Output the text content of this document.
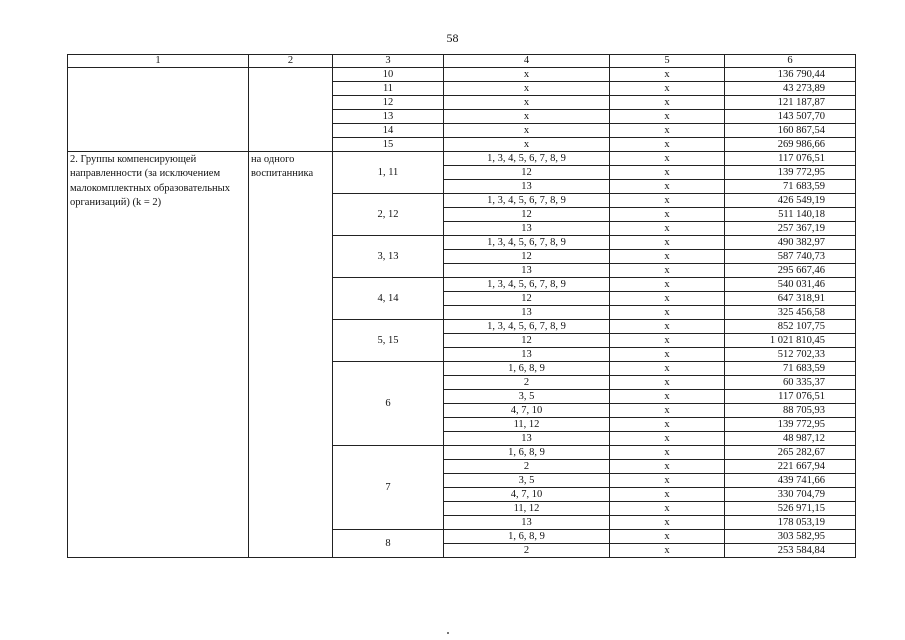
58
1	2	3	4	5	6
		10	x	x	136 790,44
		11	x	x	43 273,89
		12	x	x	121 187,87
		13	x	x	143 507,70
		14	x	x	160 867,54
		15	x	x	269 986,66
2. Группы компенсирующей направленности (за исключением малокомплектных образовательных организаций) (k = 2)	на одного воспитанника	1, 11	1, 3, 4, 5, 6, 7, 8, 9	x	117 076,51
			12	x	139 772,95
			13	x	71 683,59
		2, 12	1, 3, 4, 5, 6, 7, 8, 9	x	426 549,19
			12	x	511 140,18
			13	x	257 367,19
		3, 13	1, 3, 4, 5, 6, 7, 8, 9	x	490 382,97
			12	x	587 740,73
			13	x	295 667,46
		4, 14	1, 3, 4, 5, 6, 7, 8, 9	x	540 031,46
			12	x	647 318,91
			13	x	325 456,58
		5, 15	1, 3, 4, 5, 6, 7, 8, 9	x	852 107,75
			12	x	1 021 810,45
			13	x	512 702,33
		6	1, 6, 8, 9	x	71 683,59
			2	x	60 335,37
			3, 5	x	117 076,51
			4, 7, 10	x	88 705,93
			11, 12	x	139 772,95
			13	x	48 987,12
		7	1, 6, 8, 9	x	265 282,67
			2	x	221 667,94
			3, 5	x	439 741,66
			4, 7, 10	x	330 704,79
			11, 12	x	526 971,15
			13	x	178 053,19
		8	1, 6, 8, 9	x	303 582,95
			2	x	253 584,84
